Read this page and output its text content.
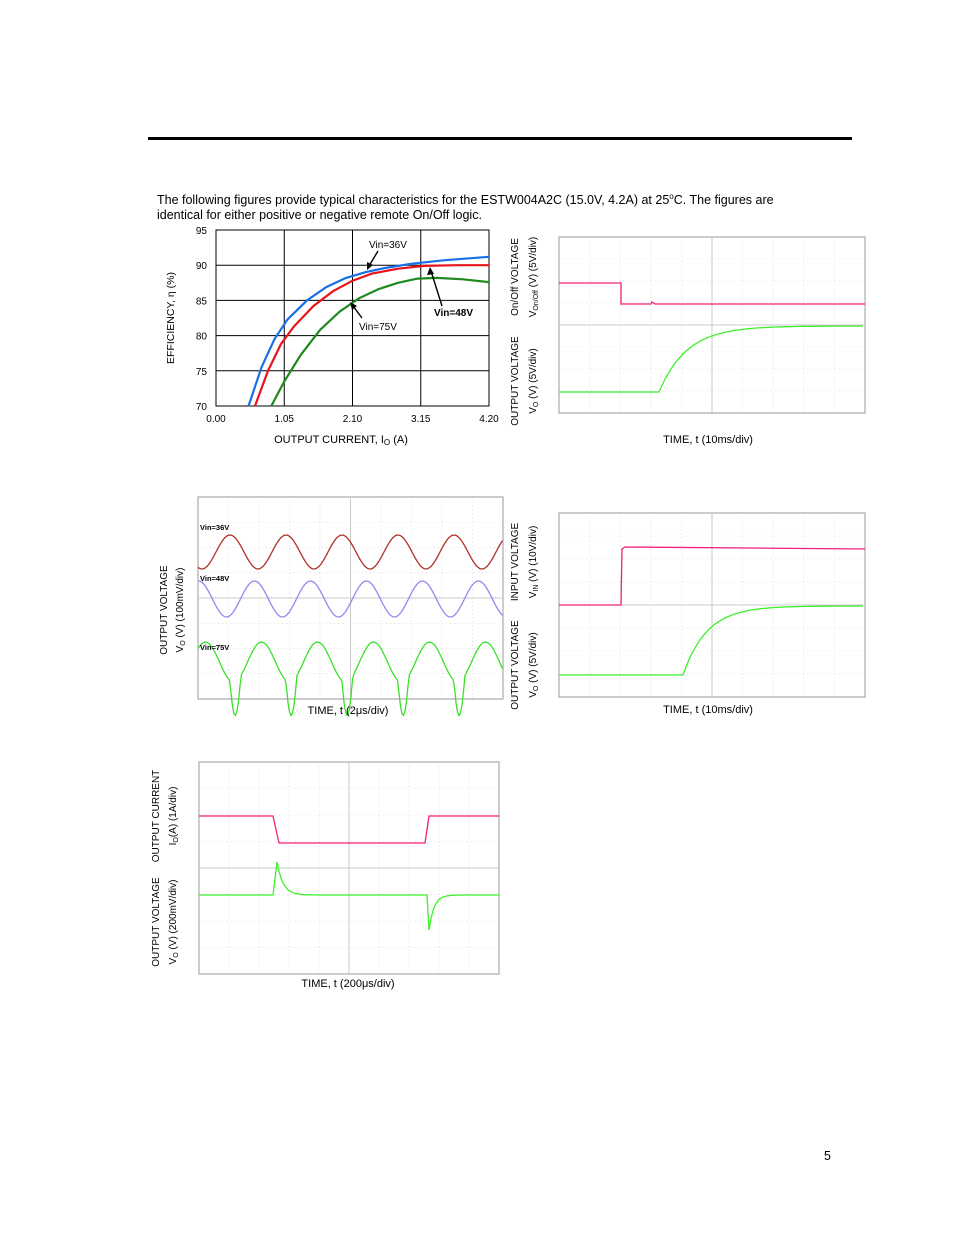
The following figures provide typical characteristics for the ESTW004A2C (15.0V, 4.2A) at 25$^o$C. The figures are
identical for either positive or negative remote On/Off logic.
95
90
85
80
75
70
0.00	1.05	2.10	3.15	4.20
EFFICIENCY, η (%)
OUTPUT CURRENT, IO (A)
Vin=36V
Vin=48V
Vin=75V
On/Off VOLTAGE $V_{On/Off}$ (V) (5V/div)
OUTPUT VOLTAGE $V_O$ (V) (5V/div)
TIME, t (10ms/div)
OUTPUT VOLTAGE $V_O$ (V) (100mV/div)
Vin=36V
Vin=48V
Vin=75V
TIME, t (2μs/div)
INPUT VOLTAGE $V_{IN}$ (V) (10V/div)
OUTPUT VOLTAGE $V_O$ (V) (5V/div)
TIME, t (10ms/div)
OUTPUT CURRENT $I_O(A)$ (1A/div)
OUTPUT VOLTAGE $V_O$ (V) (200mV/div)
TIME, t (200μs/div)
5
